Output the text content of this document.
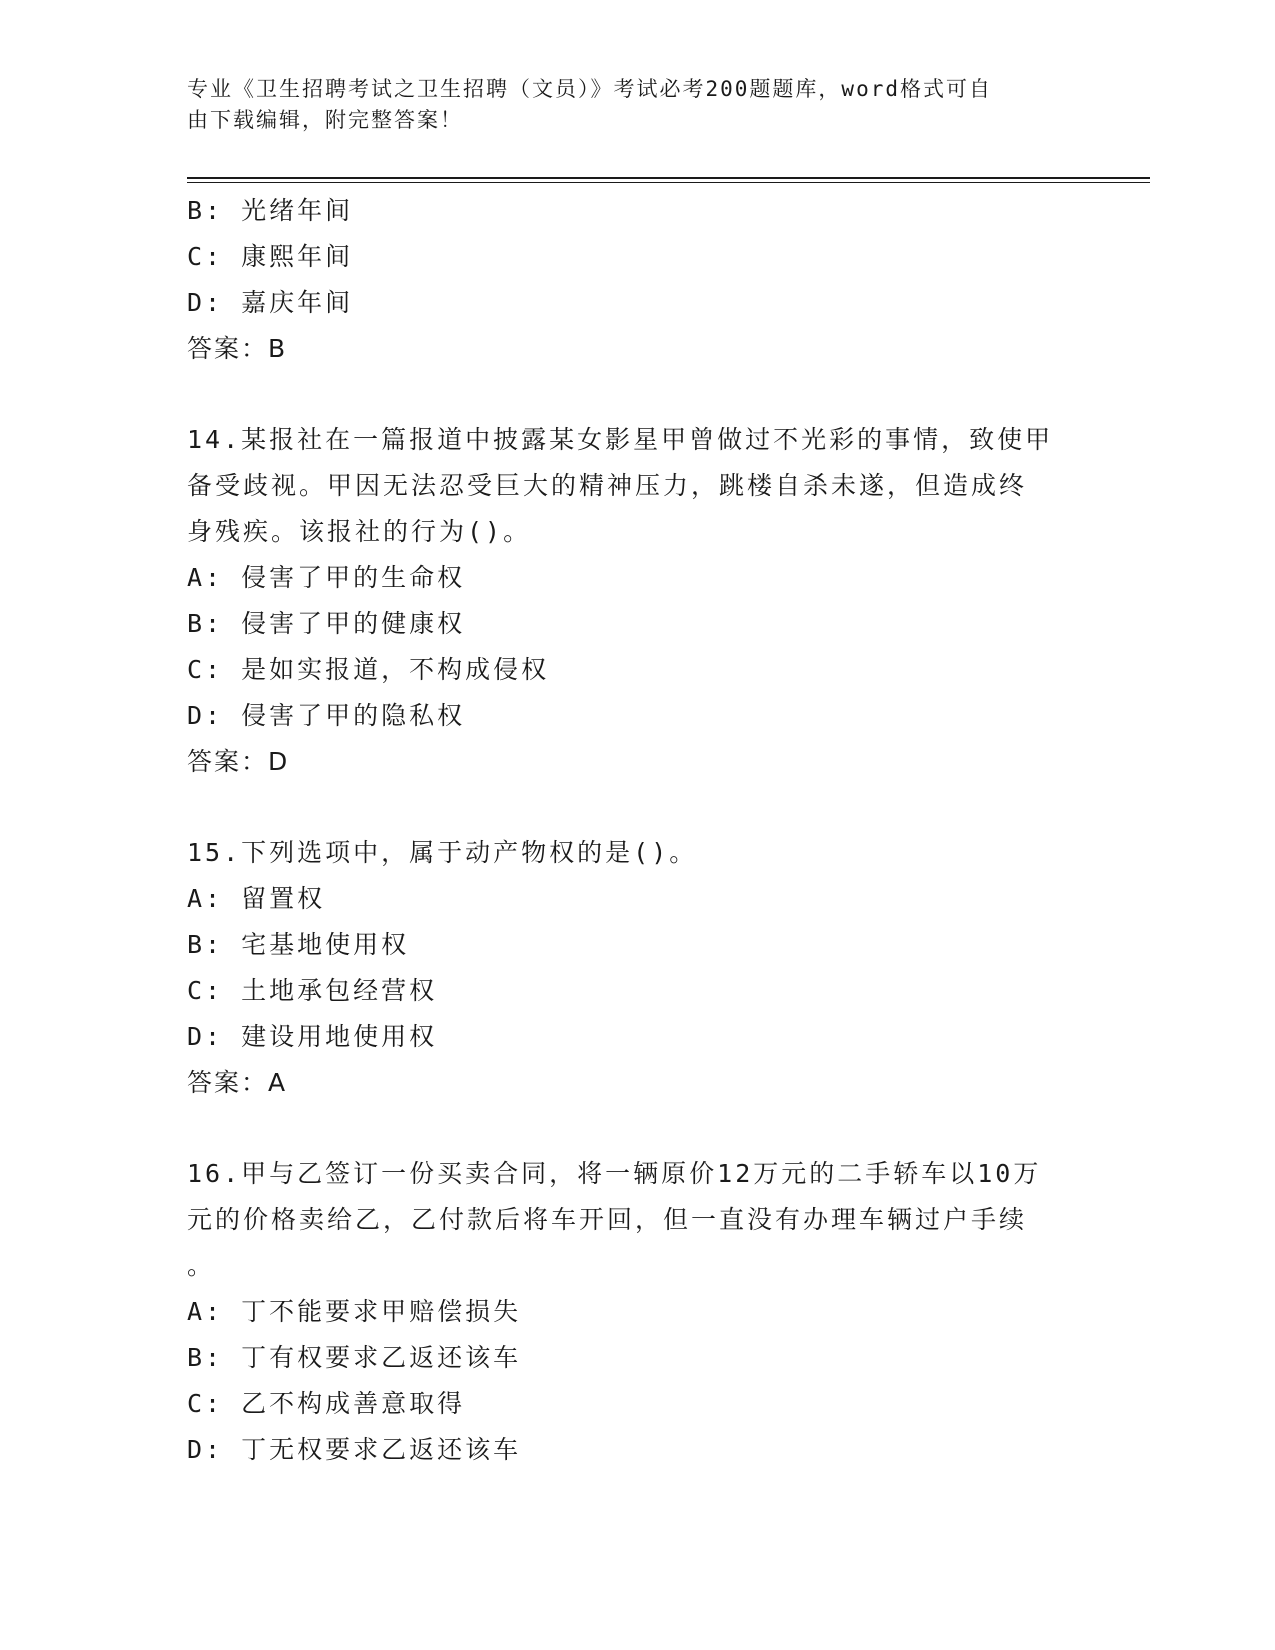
专业《卫生招聘考试之卫生招聘（文员）》考试必考200题题库，word格式可自
由下载编辑，附完整答案！
B: 光绪年间
C: 康熙年间
D: 嘉庆年间
答案：B
14.某报社在一篇报道中披露某女影星甲曾做过不光彩的事情，致使甲
备受歧视。甲因无法忍受巨大的精神压力，跳楼自杀未遂，但造成终
身残疾。该报社的行为()。
A: 侵害了甲的生命权
B: 侵害了甲的健康权
C: 是如实报道，不构成侵权
D: 侵害了甲的隐私权
答案：D
15.下列选项中，属于动产物权的是()。
A: 留置权
B: 宅基地使用权
C: 土地承包经营权
D: 建设用地使用权
答案：A
16.甲与乙签订一份买卖合同，将一辆原价12万元的二手轿车以10万
元的价格卖给乙，乙付款后将车开回，但一直没有办理车辆过户手续
。
A: 丁不能要求甲赔偿损失
B: 丁有权要求乙返还该车
C: 乙不构成善意取得
D: 丁无权要求乙返还该车
